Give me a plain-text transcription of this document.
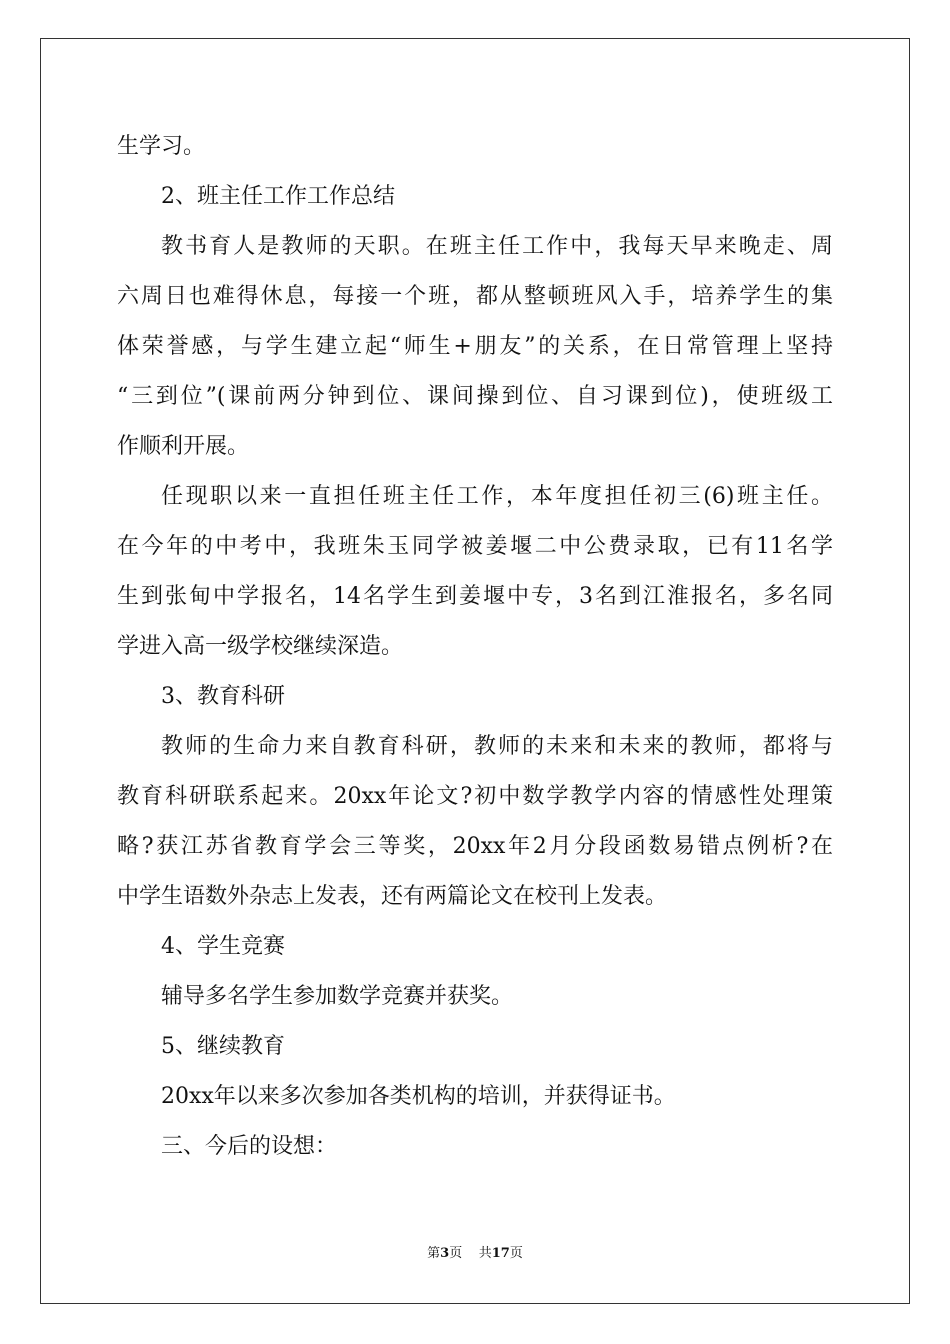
生学习。

2、班主任工作工作总结

教书育人是教师的天职。在班主任工作中，我每天早来晚走、周

六周日也难得休息，每接一个班，都从整顿班风入手，培养学生的集

体荣誉感，与学生建立起“师生+朋友”的关系，在日常管理上坚持

“三到位”(课前两分钟到位、课间操到位、自习课到位)，使班级工

作顺利开展。

任现职以来一直担任班主任工作，本年度担任初三(6)班主任。

在今年的中考中，我班朱玉同学被姜堰二中公费录取，已有11名学

生到张甸中学报名，14名学生到姜堰中专，3名到江淮报名，多名同

学进入高一级学校继续深造。

3、教育科研

教师的生命力来自教育科研，教师的未来和未来的教师，都将与

教育科研联系起来。20xx年论文?初中数学教学内容的情感性处理策

略?获江苏省教育学会三等奖，20xx年2月分段函数易错点例析?在

中学生语数外杂志上发表，还有两篇论文在校刊上发表。

4、学生竞赛

辅导多名学生参加数学竞赛并获奖。

5、继续教育

20xx年以来多次参加各类机构的培训，并获得证书。

三、今后的设想：

第3页    共17页
